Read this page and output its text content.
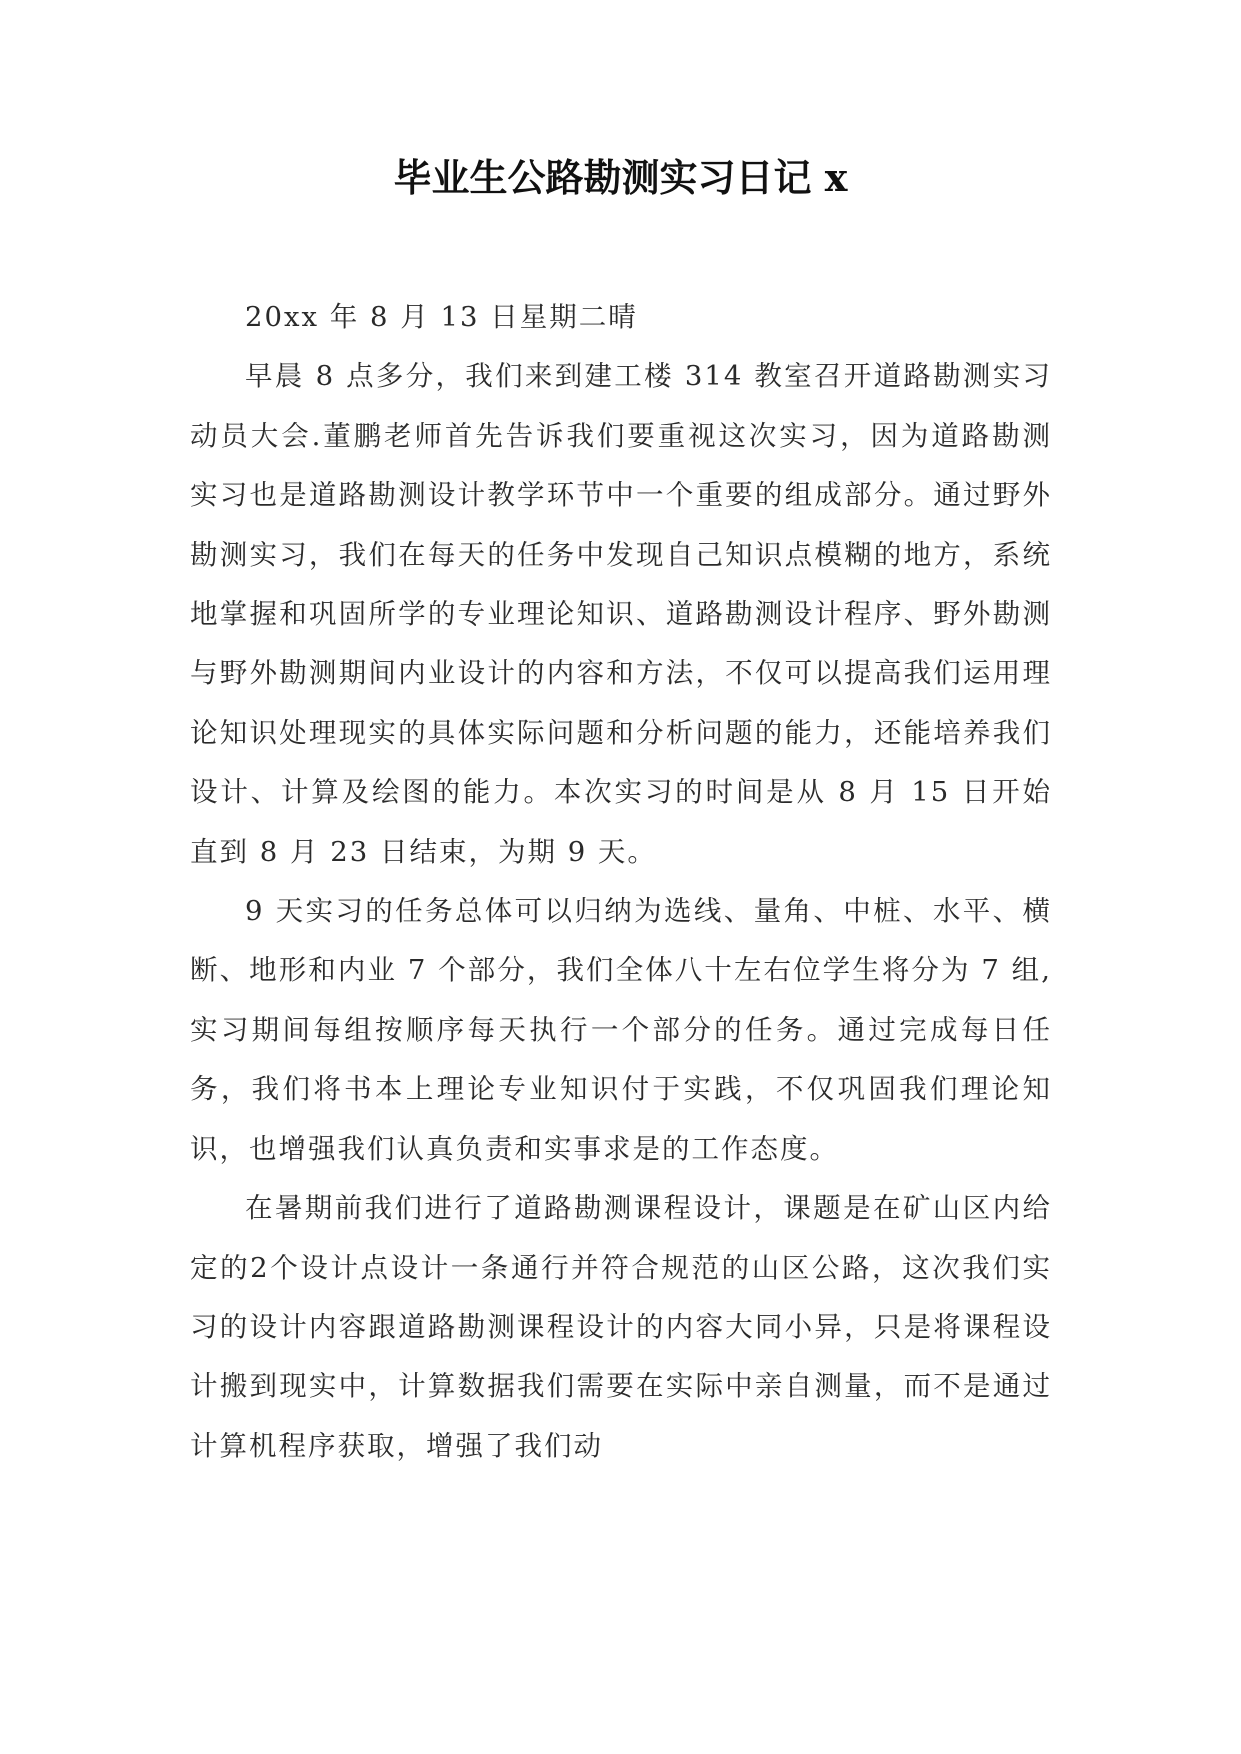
毕业生公路勘测实习日记 x

20xx 年 8 月 13 日星期二晴

早晨 8 点多分，我们来到建工楼 314 教室召开道路勘测实习动员大会.董鹏老师首先告诉我们要重视这次实习，因为道路勘测实习也是道路勘测设计教学环节中一个重要的组成部分。通过野外勘测实习，我们在每天的任务中发现自己知识点模糊的地方，系统地掌握和巩固所学的专业理论知识、道路勘测设计程序、野外勘测与野外勘测期间内业设计的内容和方法，不仅可以提高我们运用理论知识处理现实的具体实际问题和分析问题的能力，还能培养我们设计、计算及绘图的能力。本次实习的时间是从 8 月 15 日开始直到 8 月 23 日结束，为期 9 天。

9 天实习的任务总体可以归纳为选线、量角、中桩、水平、横断、地形和内业 7 个部分，我们全体八十左右位学生将分为 7 组,实习期间每组按顺序每天执行一个部分的任务。通过完成每日任务，我们将书本上理论专业知识付于实践，不仅巩固我们理论知识，也增强我们认真负责和实事求是的工作态度。

在暑期前我们进行了道路勘测课程设计，课题是在矿山区内给定的2个设计点设计一条通行并符合规范的山区公路，这次我们实习的设计内容跟道路勘测课程设计的内容大同小异，只是将课程设计搬到现实中，计算数据我们需要在实际中亲自测量，而不是通过计算机程序获取，增强了我们动
